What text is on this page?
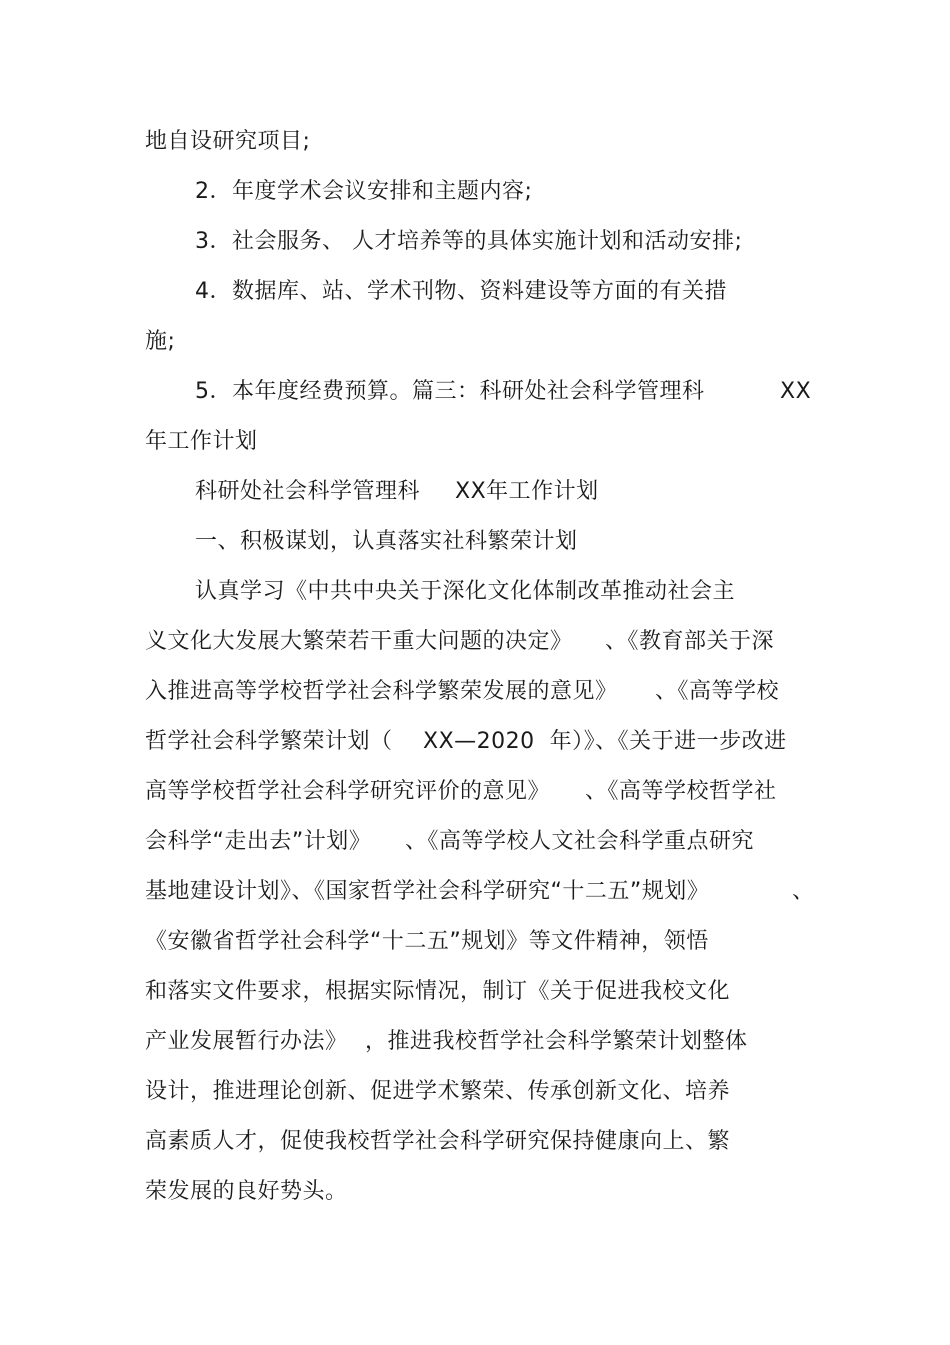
地自设研究项目;
2．年度学术会议安排和主题内容;
3．社会服务、 人才培养等的具体实施计划和活动安排;
4．数据库、站、学术刊物、资料建设等方面的有关措
施;
5．本年度经费预算。篇三：科研处社会科学管理科	XX
年工作计划
科研处社会科学管理科 XX年工作计划
一、积极谋划，认真落实社科繁荣计划
认真学习《中共中央关于深化文化体制改革推动社会主
义文化大发展大繁荣若干重大问题的决定》 、《教育部关于深
入推进高等学校哲学社会科学繁荣发展的意见》 、《高等学校
哲学社会科学繁荣计划（ XX—2020  年）》、《关于进一步改进
高等学校哲学社会科学研究评价的意见》 、《高等学校哲学社
会科学“走出去”计划》 、《高等学校人文社会科学重点研究
基地建设计划》、《国家哲学社会科学研究“十二五”规划》	、
《安徽省哲学社会科学“十二五”规划》等文件精神，领悟
和落实文件要求，根据实际情况，制订《关于促进我校文化
产业发展暂行办法》 ，推进我校哲学社会科学繁荣计划整体
设计，推进理论创新、促进学术繁荣、传承创新文化、培养
高素质人才，促使我校哲学社会科学研究保持健康向上、繁
荣发展的良好势头。
